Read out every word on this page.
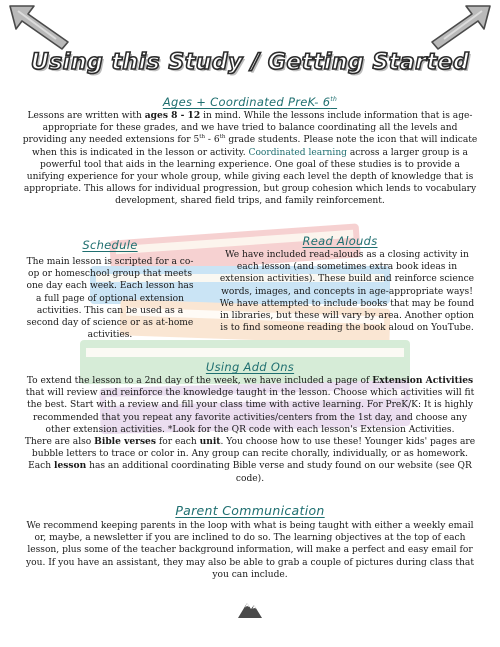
Using this Study / Getting Started
Ages + Coordinated PreK- 6th
Lessons are written with ages 8 - 12 in mind. While the lessons include information that is age-appropriate for these grades, and we have tried to balance coordinating all the levels and providing any needed extensions for 5th - 6th grade students. Please note the icon that will indicate when this is indicated in the lesson or activity. Coordinated learning across a larger group is a powerful tool that aids in the learning experience. One goal of these studies is to provide a unifying experience for your whole group, while giving each level the depth of knowledge that is appropriate. This allows for individual progression, but group cohesion which lends to vocabulary development, shared field trips, and family reinforcement.
Schedule
The main lesson is scripted for a co-op or homeschool group that meets one day each week. Each lesson has a full page of optional extension activities. This can be used as a second day of science or as at-home activities.
Read Alouds
We have included read-alouds as a closing activity in each lesson (and sometimes extra book ideas in extension activities). These build and reinforce science words, images, and concepts in age-appropriate ways! We have attempted to include books that may be found in libraries, but these will vary by area. Another option is to find someone reading the book aloud on YouTube.
Using Add Ons
To extend the lesson to a 2nd day of the week, we have included a page of Extension Activities that will review and reinforce the knowledge taught in the lesson. Choose which activities will fit the best. Start with a review and fill your class time with active learning. For PreK/K: It is highly recommended that you repeat any favorite activities/centers from the 1st day, and choose any other extension activities. *Look for the QR code with each lesson's Extension Activities.
There are also Bible verses for each unit. You choose how to use these! Younger kids' pages are bubble letters to trace or color in. Any group can recite chorally, individually, or as homework. Each lesson has an additional coordinating Bible verse and study found on our website (see QR code).
Parent Communication
We recommend keeping parents in the loop with what is being taught with either a weekly email or, maybe, a newsletter if you are inclined to do so. The learning objectives at the top of each lesson, plus some of the teacher background information, will make a perfect and easy email for you. If you have an assistant, they may also be able to grab a couple of pictures during class that you can include.
